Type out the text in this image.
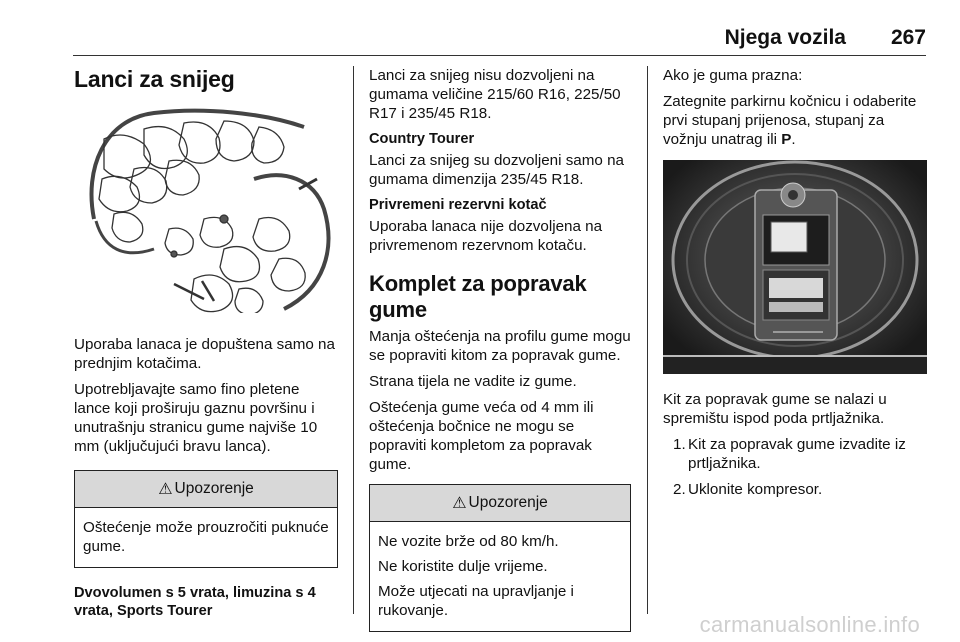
Njega vozila 267
Lanci za snijeg

Uporaba lanaca je dopuštena samo na prednjim kotačima.

Upotrebljavajte samo fino pletene lance koji proširuju gaznu površinu i unutrašnju stranicu gume najviše 10 mm (uključujući bravu lanca).

⚠ Upozorenje

Oštećenje može prouzročiti puknuće gume.

Dvovolumen s 5 vrata, limuzina s 4 vrata, Sports Tourer

Lanci za snijeg nisu dozvoljeni na gumama veličine 215/60 R16, 225/50 R17 i 235/45 R18.

Country Tourer

Lanci za snijeg su dozvoljeni samo na gumama dimenzija 235/45 R18.

Privremeni rezervni kotač

Uporaba lanaca nije dozvoljena na privremenom rezervnom kotaču.

Komplet za popravak gume

Manja oštećenja na profilu gume mogu se popraviti kitom za popravak gume.

Strana tijela ne vadite iz gume.

Oštećenja gume veća od 4 mm ili oštećenja bočnice ne mogu se popraviti kompletom za popravak gume.

⚠ Upozorenje

Ne vozite brže od 80 km/h.

Ne koristite dulje vrijeme.

Može utjecati na upravljanje i rukovanje.

Ako je guma prazna:

Zategnite parkirnu kočnicu i odaberite prvi stupanj prijenosa, stupanj za vožnju unatrag ili P.

Kit za popravak gume se nalazi u spremištu ispod poda prtljažnika.

1. Kit za popravak gume izvadite iz prtljažnika.
2. Uklonite kompresor.
carmanualsonline.info
